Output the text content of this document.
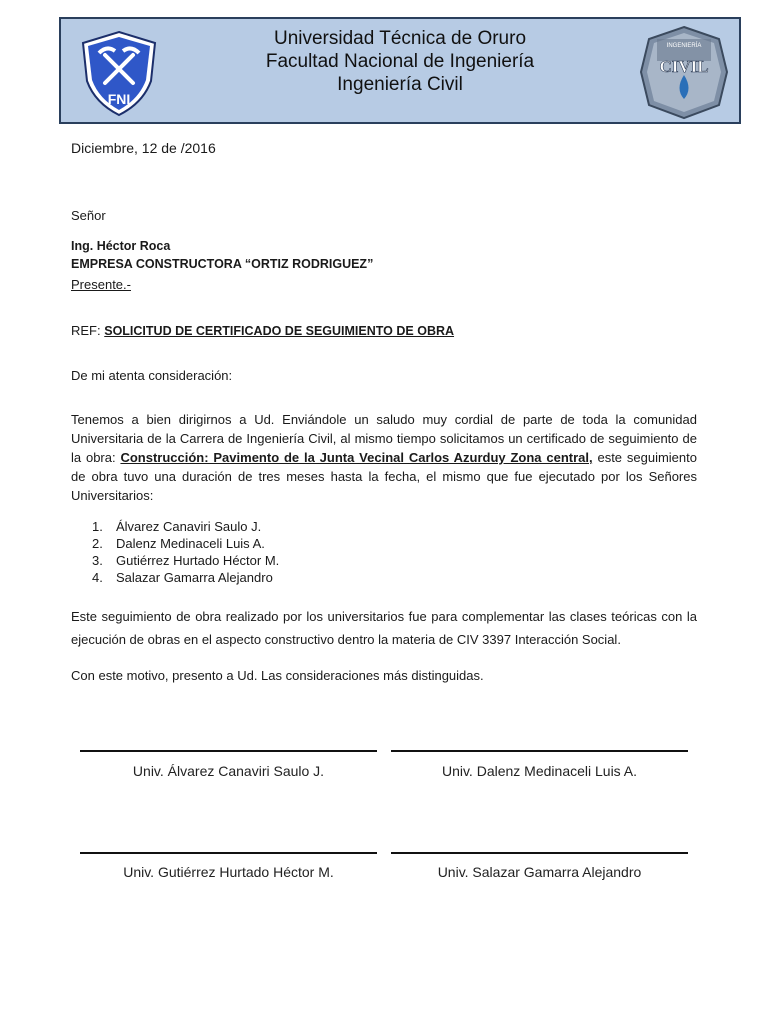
FNI
Universidad Técnica de Oruro
Facultad Nacional de Ingeniería
Ingeniería Civil
INGENIERÍA
CIVIL
Diciembre, 12 de /2016
Señor
Ing. Héctor Roca
EMPRESA CONSTRUCTORA “ORTIZ RODRIGUEZ”
Presente.-
REF: SOLICITUD DE CERTIFICADO DE SEGUIMIENTO DE OBRA
De mi atenta consideración:
Tenemos a bien dirigirnos a Ud. Enviándole un saludo muy cordial de parte de toda la comunidad Universitaria de la Carrera de Ingeniería Civil, al mismo tiempo solicitamos un certificado de seguimiento de la obra: Construcción: Pavimento de la Junta Vecinal Carlos Azurduy Zona central, este seguimiento de obra tuvo una duración de tres meses hasta la fecha, el mismo que fue ejecutado por los Señores Universitarios:
1. Álvarez Canaviri Saulo J.
2. Dalenz Medinaceli Luis A.
3. Gutiérrez Hurtado Héctor M.
4. Salazar Gamarra Alejandro
Este seguimiento de obra realizado por los universitarios fue para complementar las clases teóricas con la ejecución de obras en el aspecto constructivo dentro la materia de CIV 3397 Interacción Social.
Con este motivo, presento a Ud. Las consideraciones más distinguidas.
Univ. Álvarez Canaviri Saulo J.	Univ. Dalenz Medinaceli Luis A.
Univ. Gutiérrez Hurtado Héctor M.	Univ. Salazar Gamarra Alejandro
